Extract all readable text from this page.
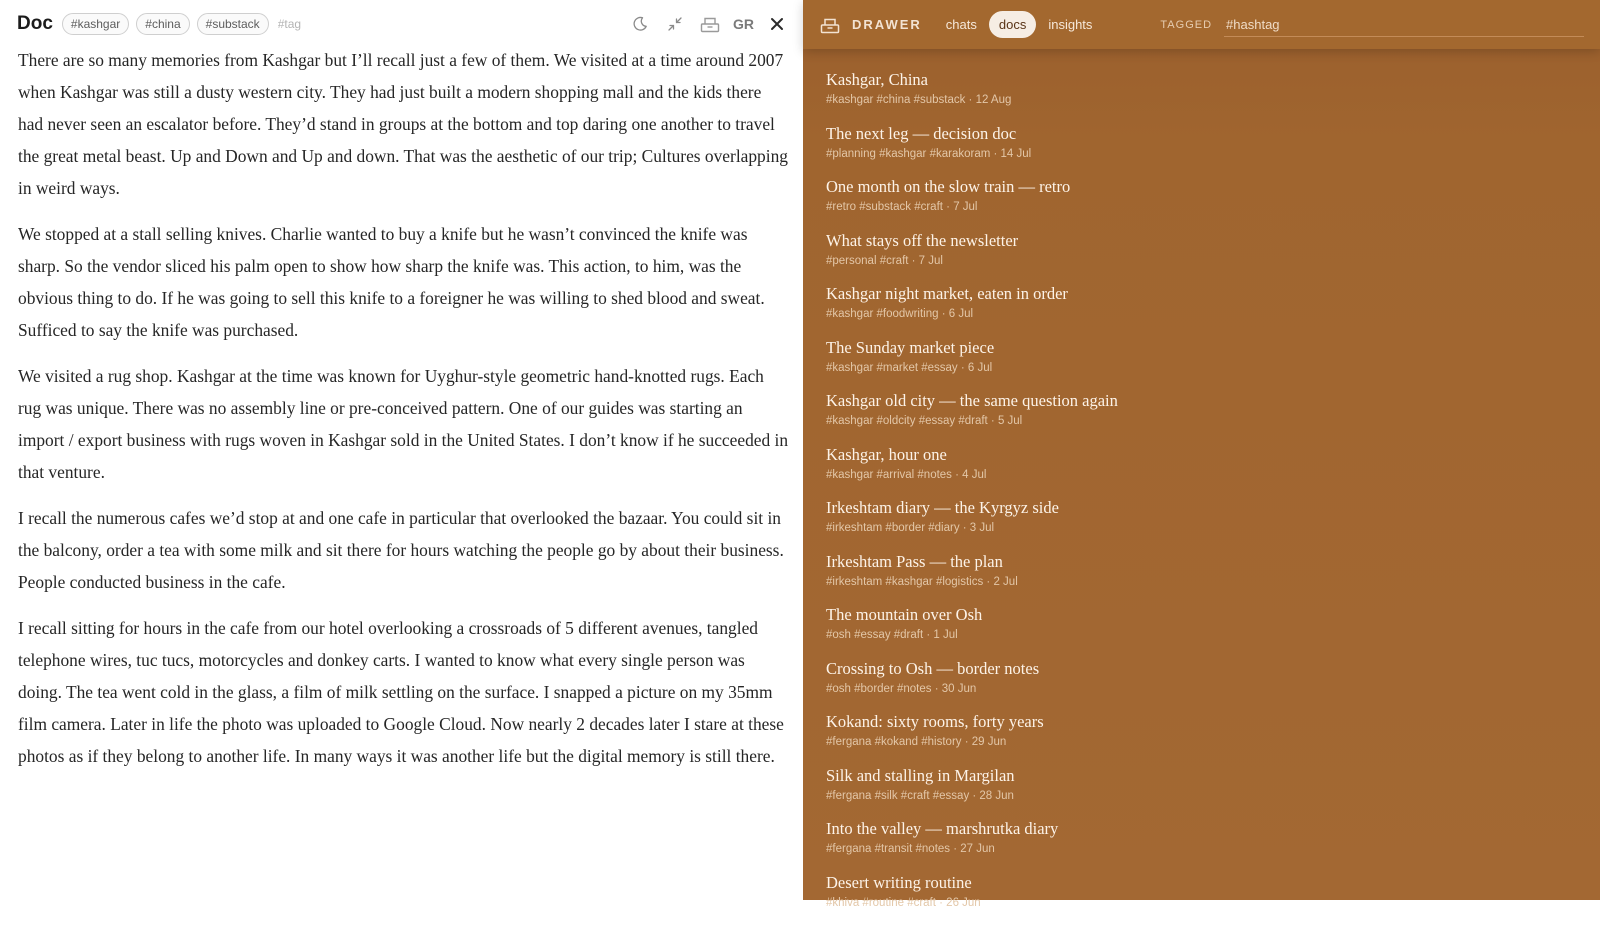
Doc	#kashgar	#china	#substack
#tag	GR

There are so many memories from Kashgar but I’ll recall just a few of them. We visited at a time around 2007 when Kashgar was still a dusty western city. They had just built a modern shopping mall and the kids there had never seen an escalator before. They’d stand in groups at the bottom and top daring one another to travel the great metal beast. Up and Down and Up and down. That was the aesthetic of our trip; Cultures overlapping in weird ways.

We stopped at a stall selling knives. Charlie wanted to buy a knife but he wasn’t convinced the knife was sharp. So the vendor sliced his palm open to show how sharp the knife was. This action, to him, was the obvious thing to do. If he was going to sell this knife to a foreigner he was willing to shed blood and sweat. Sufficed to say the knife was purchased.

We visited a rug shop. Kashgar at the time was known for Uyghur-style geometric hand-knotted rugs. Each rug was unique. There was no assembly line or pre-conceived pattern. One of our guides was starting an import / export business with rugs woven in Kashgar sold in the United States. I don’t know if he succeeded in that venture.

I recall the numerous cafes we’d stop at and one cafe in particular that overlooked the bazaar. You could sit in the balcony, order a tea with some milk and sit there for hours watching the people go by about their business. People conducted business in the cafe.

I recall sitting for hours in the cafe from our hotel overlooking a crossroads of 5 different avenues, tangled telephone wires, tuc tucs, motorcycles and donkey carts. I wanted to know what every single person was doing. The tea went cold in the glass, a film of milk settling on the surface. I snapped a picture on my 35mm film camera. Later in life the photo was uploaded to Google Cloud. Now nearly 2 decades later I stare at these photos as if they belong to another life. In many ways it was another life but the digital memory is still there.

DRAWER	chats	docs	insights	TAGGED
#hashtag
Kashgar, China
#kashgar #china #substack · 12 Aug
The next leg — decision doc
#planning #kashgar #karakoram · 14 Jul
One month on the slow train — retro
#retro #substack #craft · 7 Jul
What stays off the newsletter
#personal #craft · 7 Jul
Kashgar night market, eaten in order
#kashgar #foodwriting · 6 Jul
The Sunday market piece
#kashgar #market #essay · 6 Jul
Kashgar old city — the same question again
#kashgar #oldcity #essay #draft · 5 Jul
Kashgar, hour one
#kashgar #arrival #notes · 4 Jul
Irkeshtam diary — the Kyrgyz side
#irkeshtam #border #diary · 3 Jul
Irkeshtam Pass — the plan
#irkeshtam #kashgar #logistics · 2 Jul
The mountain over Osh
#osh #essay #draft · 1 Jul
Crossing to Osh — border notes
#osh #border #notes · 30 Jun
Kokand: sixty rooms, forty years
#fergana #kokand #history · 29 Jun
Silk and stalling in Margilan
#fergana #silk #craft #essay · 28 Jun
Into the valley — marshrutka diary
#fergana #transit #notes · 27 Jun
Desert writing routine
#khiva #routine #craft · 26 Jun
